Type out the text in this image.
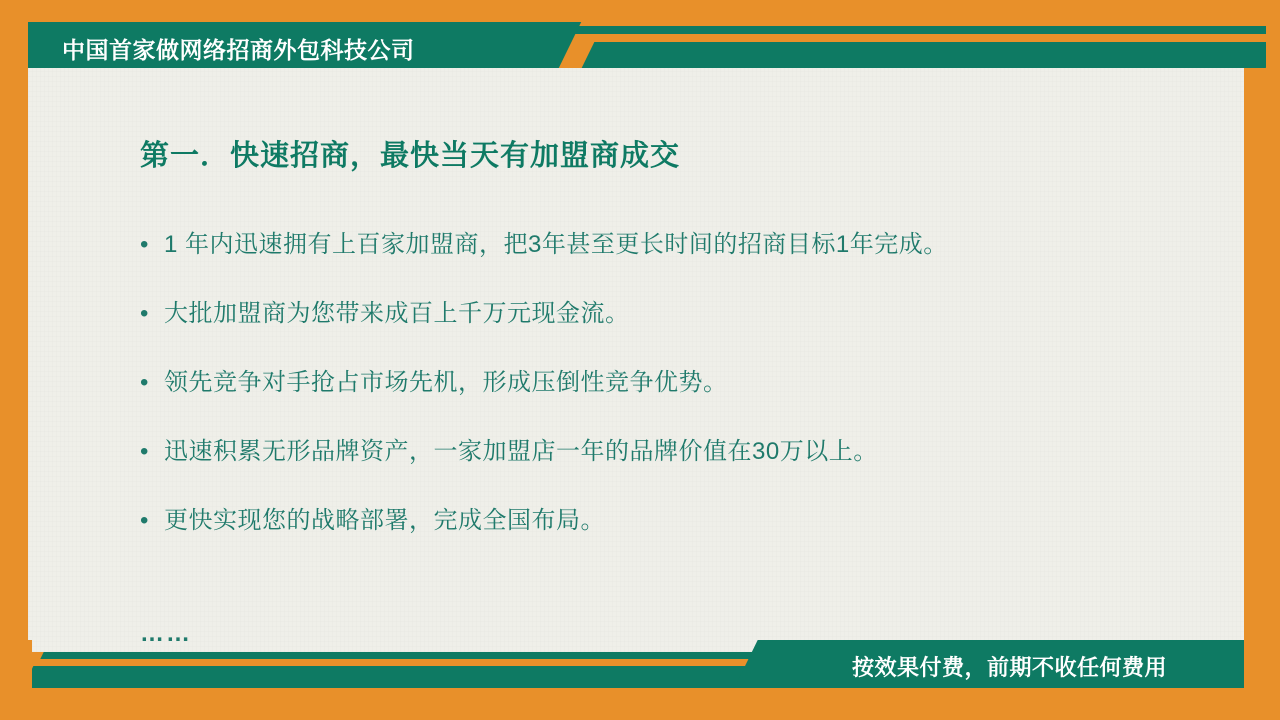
中国首家做网络招商外包科技公司
第一．快速招商，最快当天有加盟商成交
• 1 年内迅速拥有上百家加盟商，把3年甚至更长时间的招商目标1年完成。
• 大批加盟商为您带来成百上千万元现金流。
• 领先竞争对手抢占市场先机，形成压倒性竞争优势。
• 迅速积累无形品牌资产，一家加盟店一年的品牌价值在30万以上。
• 更快实现您的战略部署，完成全国布局。
……
按效果付费，前期不收任何费用
